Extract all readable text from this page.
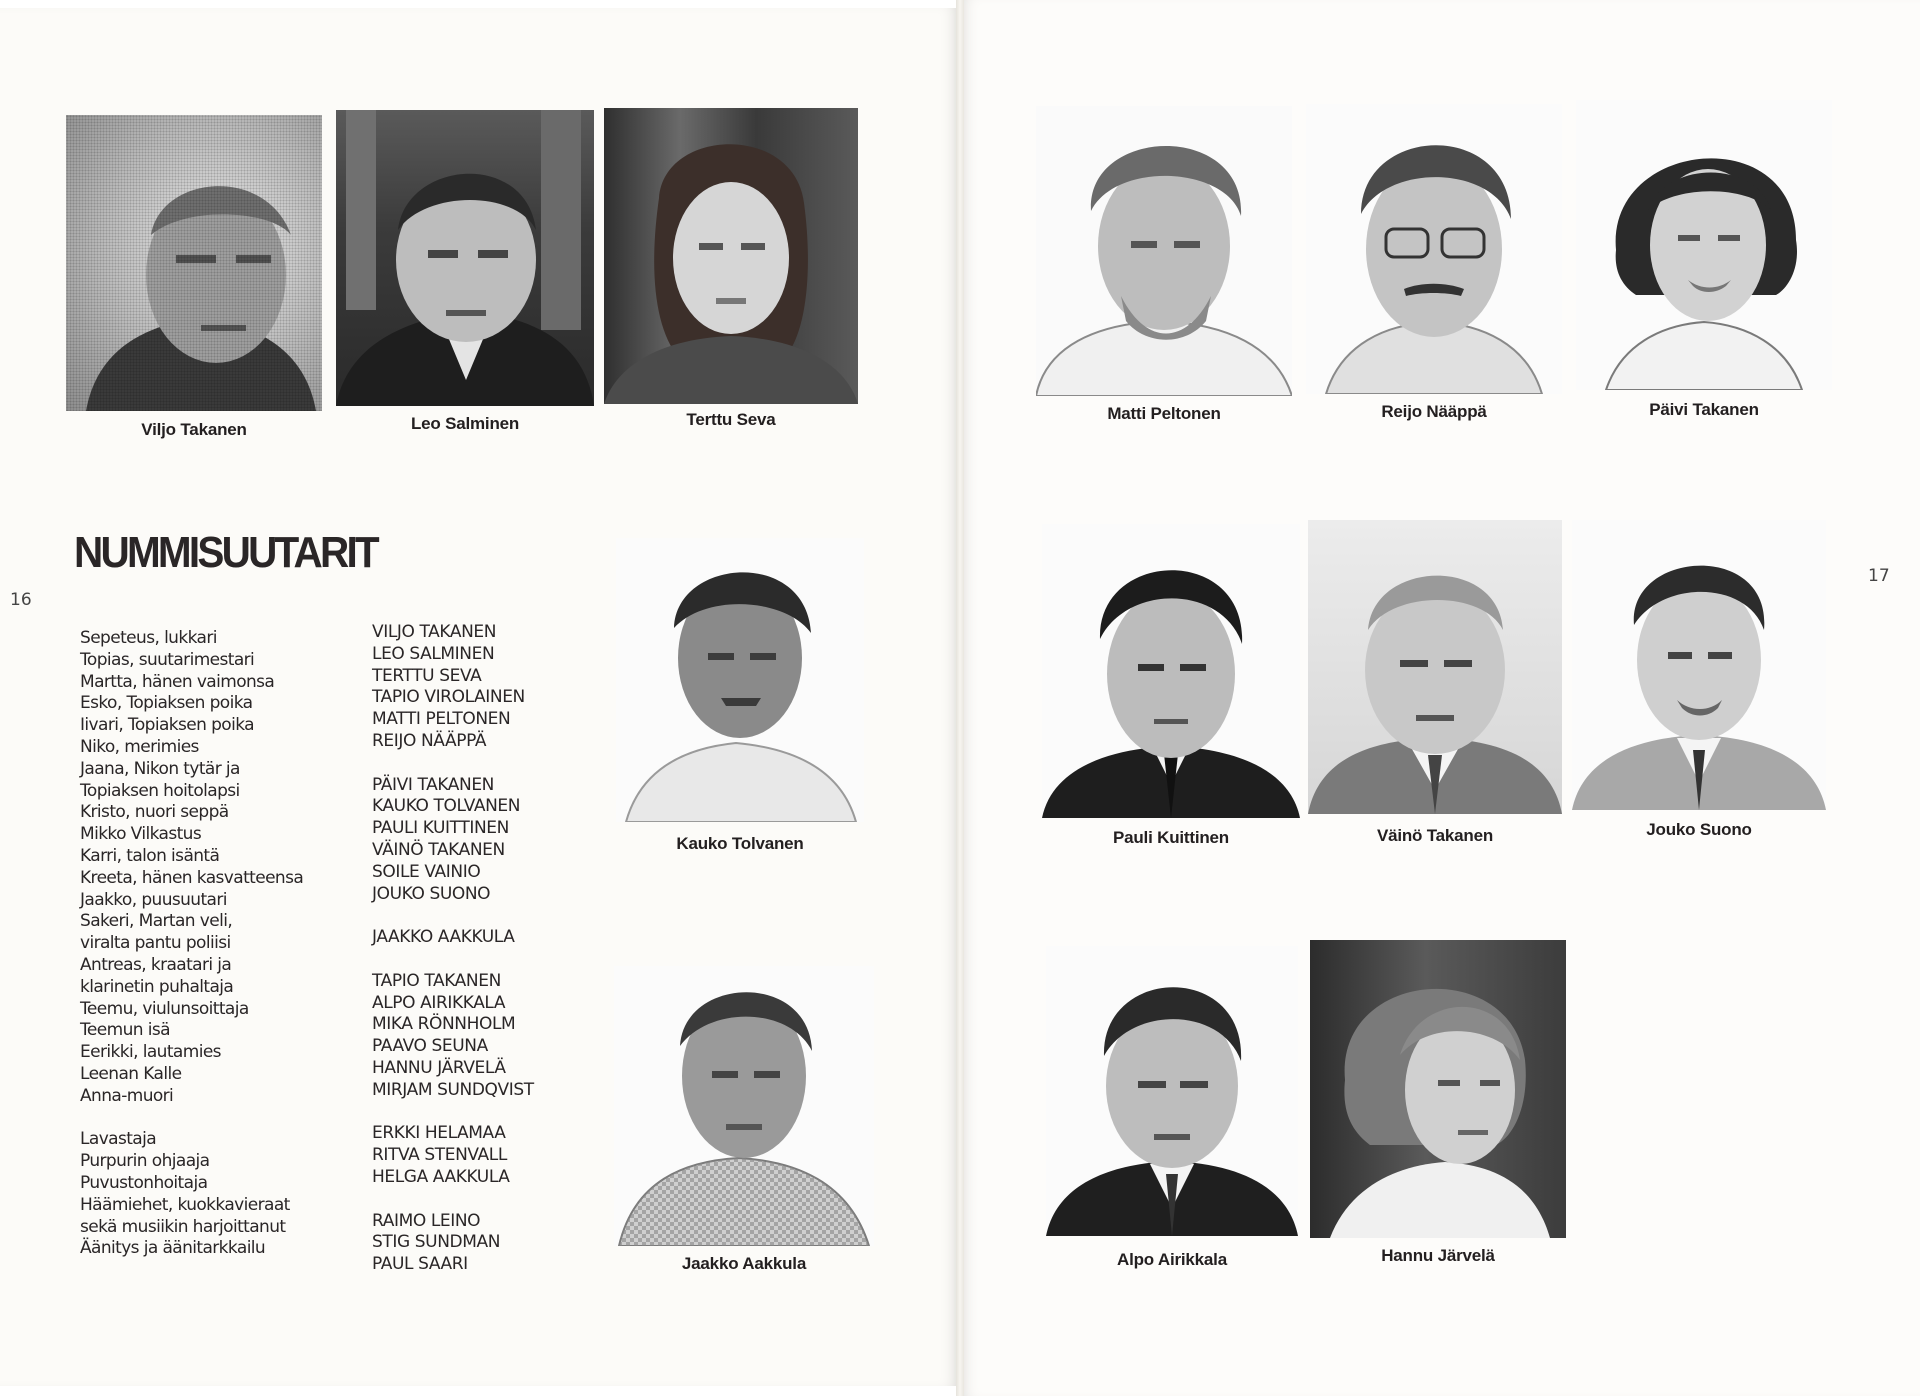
16
17
Viljo Takanen	Leo Salminen	Terttu Seva
NUMMISUUTARIT
Sepeteus, lukkari
Topias, suutarimestari
Martta, hänen vaimonsa
Esko, Topiaksen poika
Iivari, Topiaksen poika
Niko, merimies
Jaana, Nikon tytär ja
Topiaksen hoitolapsi
Kristo, nuori seppä
Mikko Vilkastus
Karri, talon isäntä
Kreeta, hänen kasvatteensa
Jaakko, puusuutari
Sakeri, Martan veli,
viralta pantu poliisi
Antreas, kraatari ja
klarinetin puhaltaja
Teemu, viulunsoittaja
Teemun isä
Eerikki, lautamies
Leenan Kalle
Anna-muori
Lavastaja
Purpurin ohjaaja
Puvustonhoitaja
Häämiehet, kuokkavieraat
sekä musiikin harjoittanut
Äänitys ja äänitarkkailu
VILJO TAKANEN
LEO SALMINEN
TERTTU SEVA
TAPIO VIROLAINEN
MATTI PELTONEN
REIJO NÄÄPPÄ
PÄIVI TAKANEN
KAUKO TOLVANEN
PAULI KUITTINEN
VÄINÖ TAKANEN
SOILE VAINIO
JOUKO SUONO
JAAKKO AAKKULA
TAPIO TAKANEN
ALPO AIRIKKALA
MIKA RÖNNHOLM
PAAVO SEUNA
HANNU JÄRVELÄ
MIRJAM SUNDQVIST
ERKKI HELAMAA
RITVA STENVALL
HELGA AAKKULA
RAIMO LEINO
STIG SUNDMAN
PAUL SAARI
Kauko Tolvanen
Jaakko Aakkula
Matti Peltonen	Reijo Nääppä	Päivi Takanen
Pauli Kuittinen	Väinö Takanen	Jouko Suono
Alpo Airikkala	Hannu Järvelä
